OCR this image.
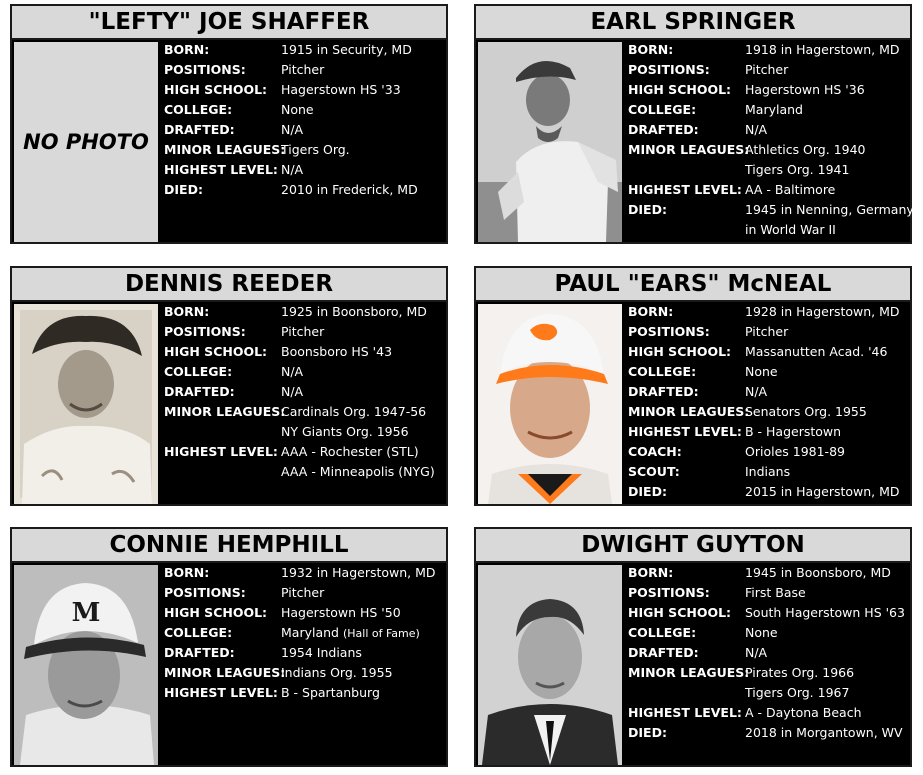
"LEFTY" JOE SHAFFER
NO PHOTO
BORN:	1915 in Security, MD
POSITIONS:	Pitcher
HIGH SCHOOL: Hagerstown HS '33
COLLEGE:	None
DRAFTED:	N/A
MINOR LEAGUES:
Tigers Org.
HIGHEST LEVEL: N/A
DIED:	2010 in Frederick, MD
EARL SPRINGER
BORN:	1918 in Hagerstown, MD
POSITIONS:	Pitcher
HIGH SCHOOL: Hagerstown HS '36
COLLEGE:	Maryland
DRAFTED:	N/A
MINOR LEAGUES:
Athletics Org. 1940
Tigers Org. 1941
HIGHEST LEVEL: AA - Baltimore
DIED:	1945 in Nenning, Germany
in World War II
DENNIS REEDER
BORN:	1925 in Boonsboro, MD
POSITIONS:	Pitcher
HIGH SCHOOL: Boonsboro HS '43
COLLEGE:	N/A
DRAFTED:	N/A
MINOR LEAGUES:
Cardinals Org. 1947-56
NY Giants Org. 1956
HIGHEST LEVEL: AAA - Rochester (STL)
AAA - Minneapolis (NYG)
PAUL "EARS" McNEAL
BORN:	1928 in Hagerstown, MD
POSITIONS:	Pitcher
HIGH SCHOOL: Massanutten Acad. '46
COLLEGE:	None
DRAFTED:	N/A
MINOR LEAGUES:
Senators Org. 1955
HIGHEST LEVEL: B - Hagerstown
COACH:	Orioles 1981-89
SCOUT:	Indians
DIED:	2015 in Hagerstown, MD
CONNIE HEMPHILL
M
BORN:	1932 in Hagerstown, MD
POSITIONS:	Pitcher
HIGH SCHOOL: Hagerstown HS '50
COLLEGE:	Maryland (Hall of Fame)
DRAFTED:	1954 Indians
MINOR LEAGUES:
Indians Org. 1955
HIGHEST LEVEL: B - Spartanburg
DWIGHT GUYTON
BORN:	1945 in Boonsboro, MD
POSITIONS:	First Base
HIGH SCHOOL: South Hagerstown HS '63
COLLEGE:	None
DRAFTED:	N/A
MINOR LEAGUES:
Pirates Org. 1966
Tigers Org. 1967
HIGHEST LEVEL: A - Daytona Beach
DIED:	2018 in Morgantown, WV
